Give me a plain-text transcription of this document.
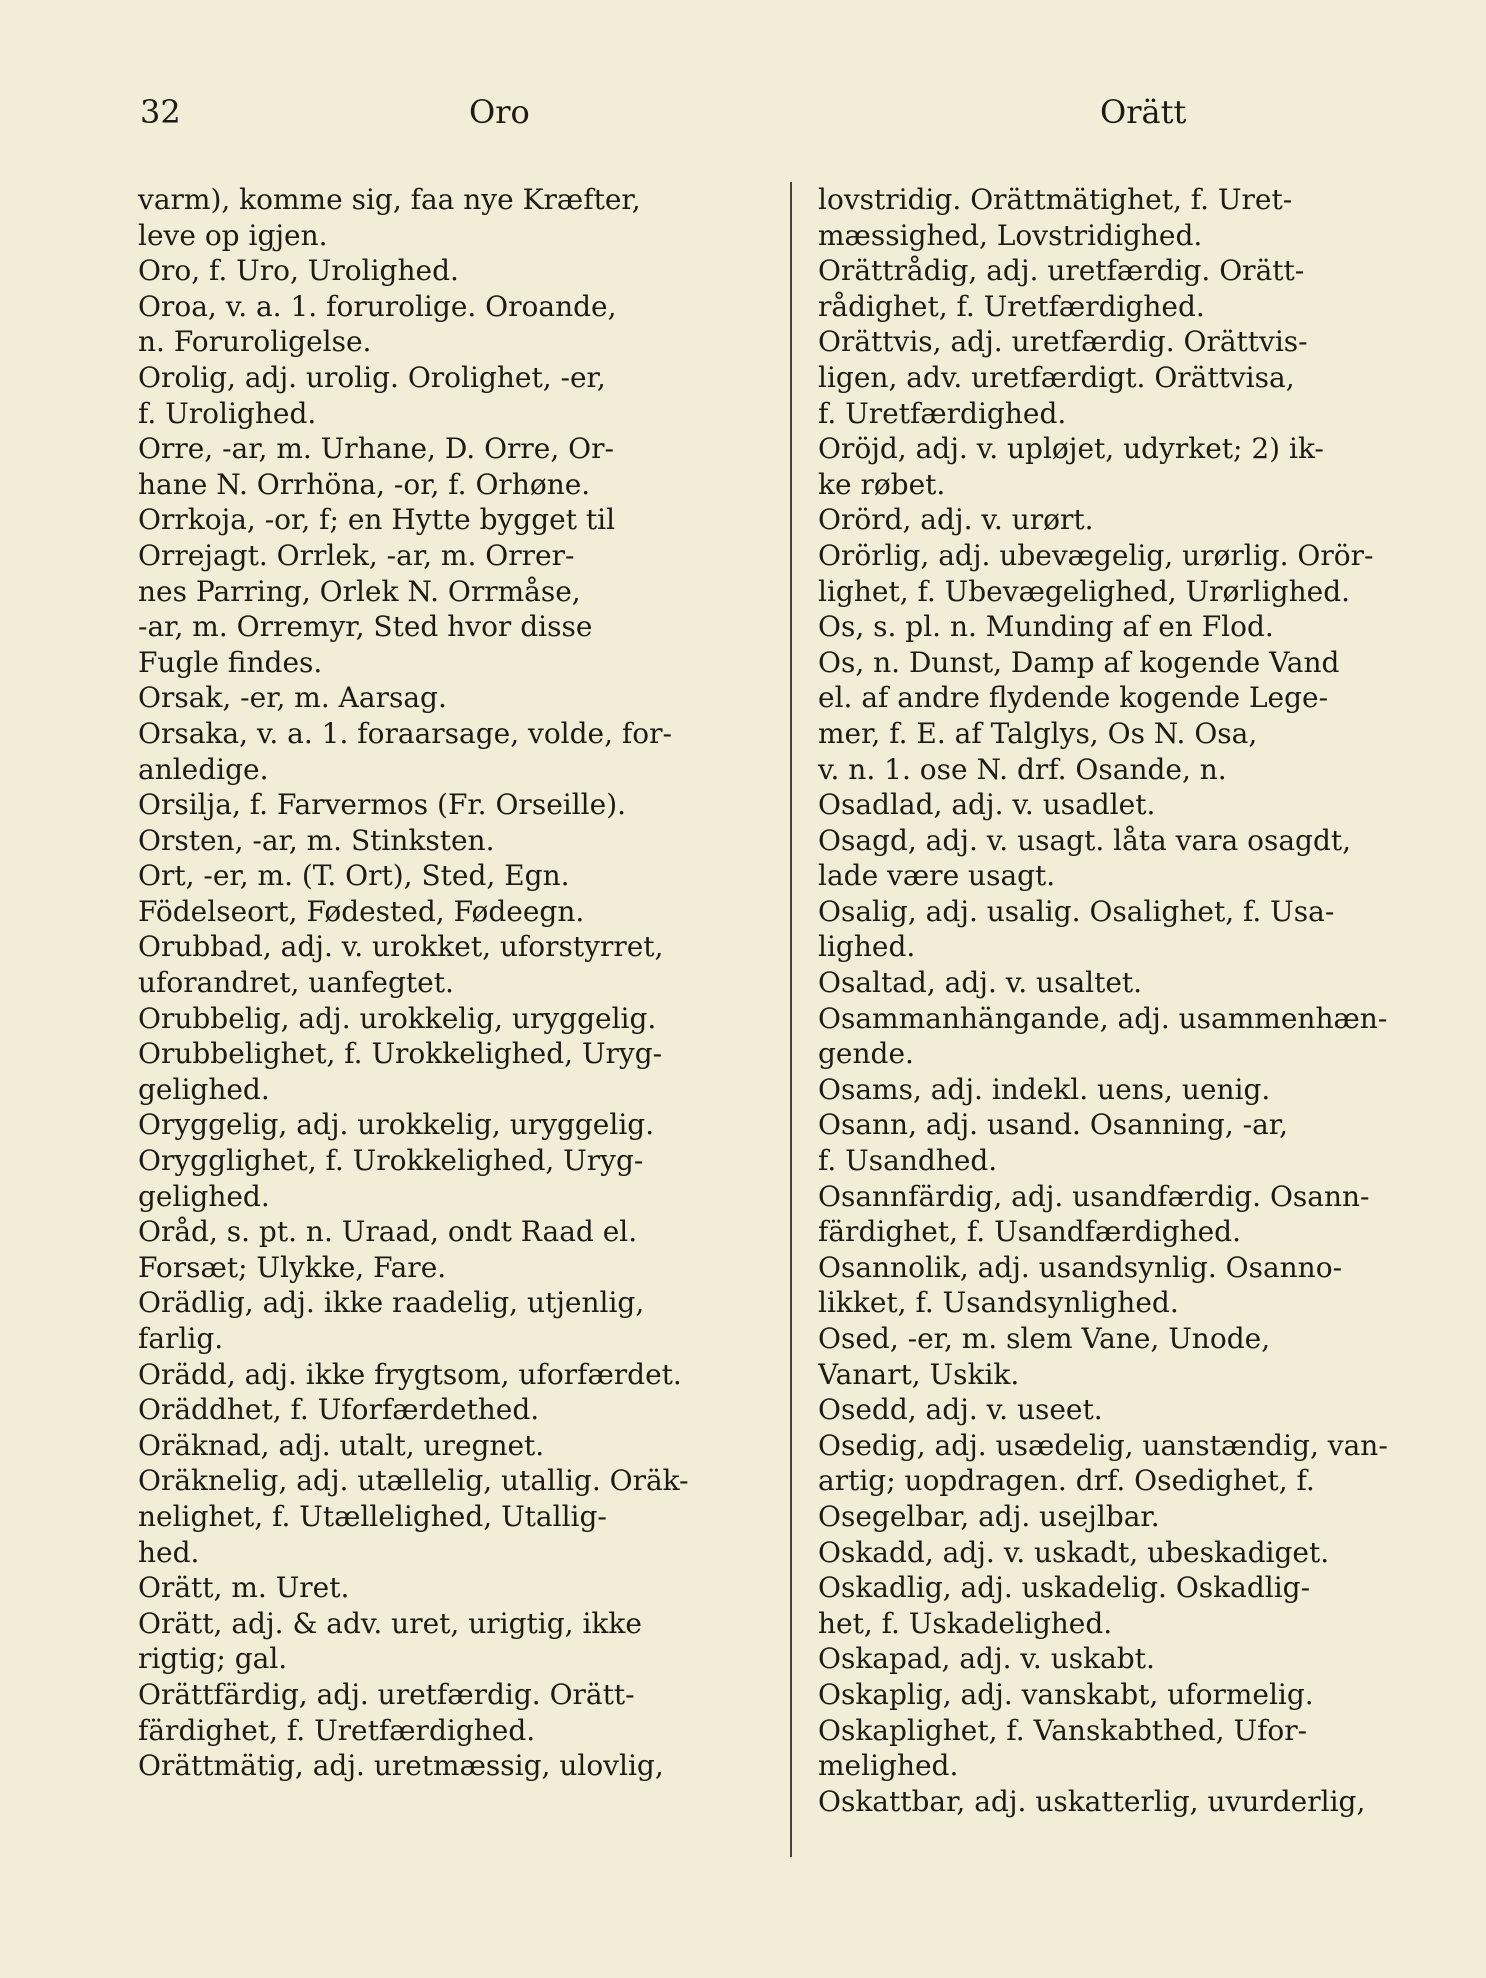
32	Oro	Orätt

varm), komme sig, faa nye Kræfter,

leve op igjen.

Oro, f. Uro, Urolighed.

Oroa, v. a. 1. forurolige. Oroande,

n. Foruroligelse.

Orolig, adj. urolig. Orolighet, -er,

f. Urolighed.

Orre, -ar, m. Urhane, D. Orre, Or-

hane N. Orrhöna, -or, f. Orhøne.

Orrkoja, -or, f; en Hytte bygget til

Orrejagt. Orrlek, -ar, m. Orrer-

nes Parring, Orlek N. Orrmåse,

-ar, m. Orremyr, Sted hvor disse

Fugle findes.

Orsak, -er, m. Aarsag.

Orsaka, v. a. 1. foraarsage, volde, for-

anledige.

Orsilja, f. Farvermos (Fr. Orseille).

Orsten, -ar, m. Stinksten.

Ort, -er, m. (T. Ort), Sted, Egn.

Födelseort, Fødested, Fødeegn.

Orubbad, adj. v. urokket, uforstyrret,

uforandret, uanfegtet.

Orubbelig, adj. urokkelig, uryggelig.

Orubbelighet, f. Urokkelighed, Uryg-

gelighed.

Oryggelig, adj. urokkelig, uryggelig.

Orygglighet, f. Urokkelighed, Uryg-

gelighed.

Oråd, s. pt. n. Uraad, ondt Raad el.

Forsæt; Ulykke, Fare.

Orädlig, adj. ikke raadelig, utjenlig,

farlig.

Orädd, adj. ikke frygtsom, uforfærdet.

Oräddhet, f. Uforfærdethed.

Oräknad, adj. utalt, uregnet.

Oräknelig, adj. utællelig, utallig. Oräk-

nelighet, f. Utællelighed, Utallig-

hed.

Orätt, m. Uret.

Orätt, adj. & adv. uret, urigtig, ikke

rigtig; gal.

Orättfärdig, adj. uretfærdig. Orätt-

färdighet, f. Uretfærdighed.

Orättmätig, adj. uretmæssig, ulovlig,

lovstridig. Orättmätighet, f. Uret-

mæssighed, Lovstridighed.

Orättrådig, adj. uretfærdig. Orätt-

rådighet, f. Uretfærdighed.

Orättvis, adj. uretfærdig. Orättvis-

ligen, adv. uretfærdigt. Orättvisa,

f. Uretfærdighed.

Oröjd, adj. v. upløjet, udyrket; 2) ik-

ke røbet.

Orörd, adj. v. urørt.

Orörlig, adj. ubevægelig, urørlig. Orör-

lighet, f. Ubevægelighed, Urørlighed.

Os, s. pl. n. Munding af en Flod.

Os, n. Dunst, Damp af kogende Vand

el. af andre flydende kogende Lege-

mer, f. E. af Talglys, Os N. Osa,

v. n. 1. ose N. drf. Osande, n.

Osadlad, adj. v. usadlet.

Osagd, adj. v. usagt. låta vara osagdt,

lade være usagt.

Osalig, adj. usalig. Osalighet, f. Usa-

lighed.

Osaltad, adj. v. usaltet.

Osammanhängande, adj. usammenhæn-

gende.

Osams, adj. indekl. uens, uenig.

Osann, adj. usand. Osanning, -ar,

f. Usandhed.

Osannfärdig, adj. usandfærdig. Osann-

färdighet, f. Usandfærdighed.

Osannolik, adj. usandsynlig. Osanno-

likket, f. Usandsynlighed.

Osed, -er, m. slem Vane, Unode,

Vanart, Uskik.

Osedd, adj. v. useet.

Osedig, adj. usædelig, uanstændig, van-

artig; uopdragen. drf. Osedighet, f.

Osegelbar, adj. usejlbar.

Oskadd, adj. v. uskadt, ubeskadiget.

Oskadlig, adj. uskadelig. Oskadlig-

het, f. Uskadelighed.

Oskapad, adj. v. uskabt.

Oskaplig, adj. vanskabt, uformelig.

Oskaplighet, f. Vanskabthed, Ufor-

melighed.

Oskattbar, adj. uskatterlig, uvurderlig,
